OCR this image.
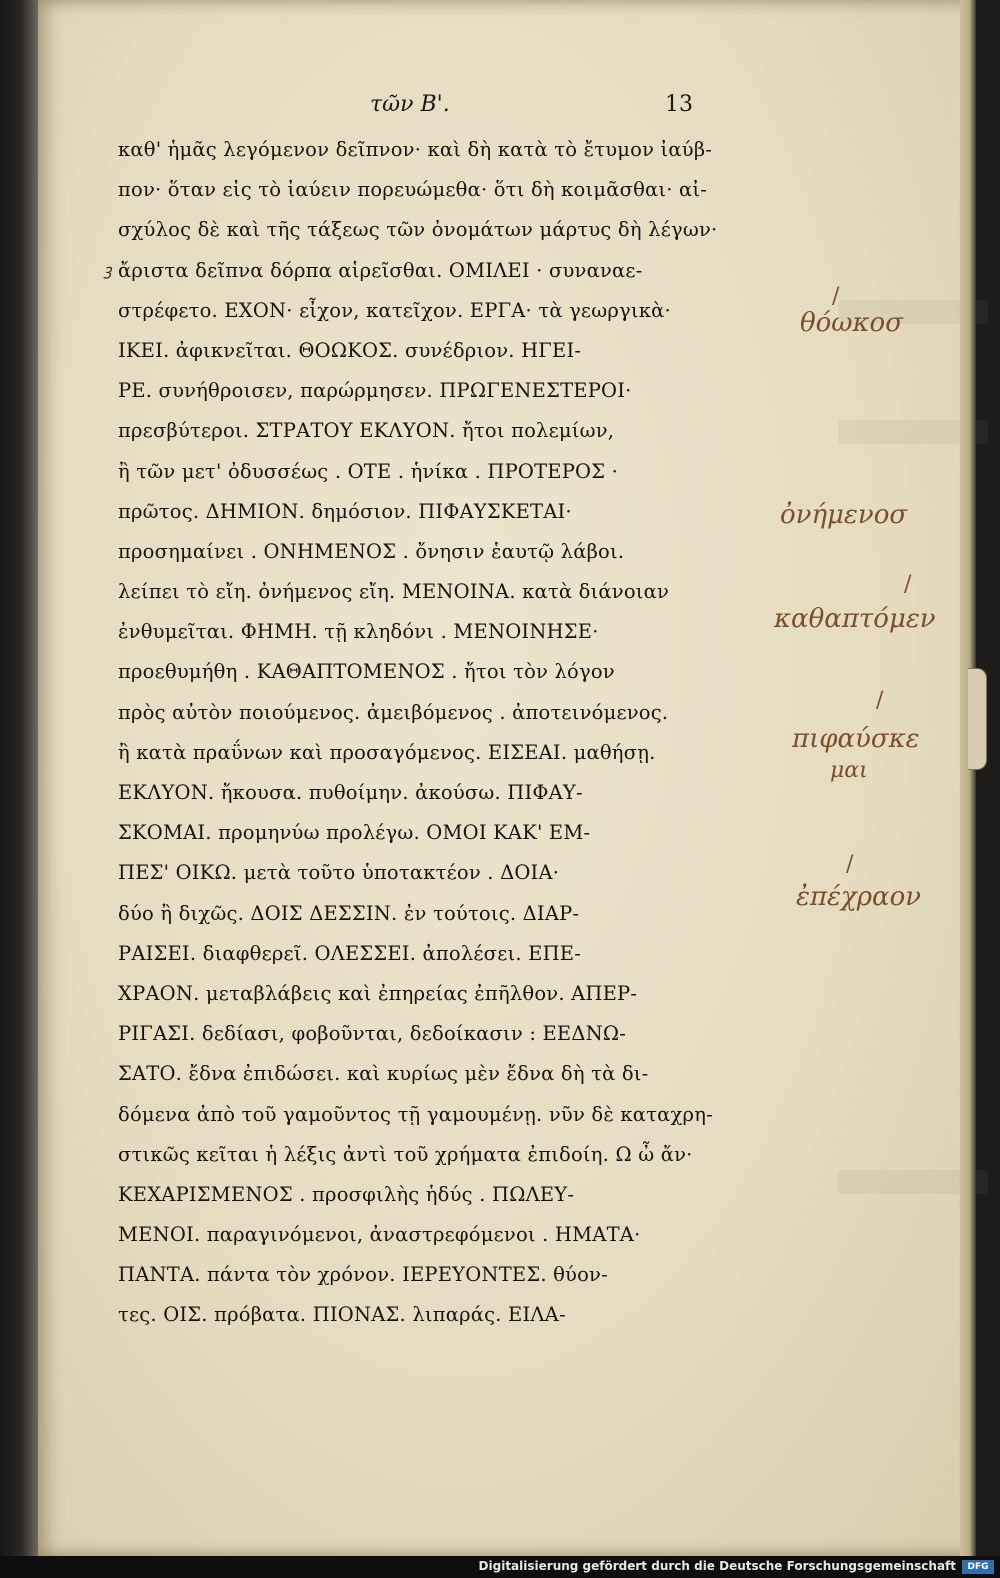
τῶν Β'.	13
ꝫ
καθ' ἡμᾶς λεγόμενον δεῖπνον· καὶ δὴ κατὰ τὸ ἔτυμον ἰαύβ-
πον· ὅταν εἰς τὸ ἰαύειν πορευώμεθα· ὅτι δὴ κοιμᾶσθαι· αἰ-
σχύλος δὲ καὶ τῆς τάξεως τῶν ὀνομάτων μάρτυς δὴ λέγων·
ἄριστα δεῖπνα δόρπα αἱρεῖσθαι. ΟΜΙΛΕΙ · συναναε-
στρέφετο. ΕΧΟΝ· εἶχον, κατεῖχον. ΕΡΓΑ· τὰ γεωργικὰ·
ΙΚΕΙ. ἀφικνεῖται. ΘΟΩΚΟΣ. συνέδριον. ΗΓΕΙ-
ΡΕ. συνήθροισεν, παρώρμησεν. ΠΡΩΓΕΝΕΣΤΕΡΟΙ·
πρεσβύτεροι. ΣΤΡΑΤΟΥ ΕΚΛΥΟΝ. ἤτοι πολεμίων,
ἢ τῶν μετ' ὀδυσσέως . ΟΤΕ . ἡνίκα . ΠΡΟΤΕΡΟΣ ·
πρῶτος. ΔΗΜΙΟΝ. δημόσιον. ΠΙΦΑΥΣΚΕΤΑΙ·
προσημαίνει . ΟΝΗΜΕΝΟΣ . ὄνησιν ἑαυτῷ λάβοι.
λείπει τὸ εἴη. ὀνήμενος εἴη. ΜΕΝΟΙΝΑ. κατὰ διάνοιαν
ἐνθυμεῖται. ΦΗΜΗ. τῇ κληδόνι . ΜΕΝΟΙΝΗΣΕ·
προεθυμήθη . ΚΑΘΑΠΤΟΜΕΝΟΣ . ἤτοι τὸν λόγον
πρὸς αὐτὸν ποιούμενος. ἀμειβόμενος . ἀποτεινόμενος.
ἢ κατὰ πραΰνων καὶ προσαγόμενος. ΕΙΣΕΑΙ. μαθήσῃ.
ΕΚΛΥΟΝ. ἤκουσα. πυθοίμην. ἀκούσω. ΠΙΦΑΥ-
ΣΚΟΜΑΙ. προμηνύω προλέγω. ΟΜΟΙ ΚΑΚ' ΕΜ-
ΠΕΣ' ΟΙΚΩ. μετὰ τοῦτο ὑποτακτέον . ΔΟΙΑ·
δύο ἢ διχῶς. ΔΟΙΣ ΔΕΣΣΙΝ. ἐν τούτοις. ΔΙΑΡ-
ΡΑΙΣΕΙ. διαφθερεῖ. ΟΛΕΣΣΕΙ. ἀπολέσει. ΕΠΕ-
ΧΡΑΟΝ. μεταβλάβεις καὶ ἐπηρείας ἐπῆλθον. ΑΠΕΡ-
ΡΙΓΑΣΙ. δεδίασι, φοβοῦνται, δεδοίκασιν : ΕΕΔΝΩ-
ΣΑΤΟ. ἔδνα ἐπιδώσει. καὶ κυρίως μὲν ἔδνα δὴ τὰ δι-
δόμενα ἀπὸ τοῦ γαμοῦντος τῇ γαμουμένῃ. νῦν δὲ καταχρη-
στικῶς κεῖται ἡ λέξις ἀντὶ τοῦ χρήματα ἐπιδοίη. Ω ὦ ἄν·
ΚΕΧΑΡΙΣΜΕΝΟΣ . προσφιλὴς ἡδύς . ΠΩΛΕΥ-
ΜΕΝΟΙ. παραγινόμενοι, ἀναστρεφόμενοι . ΗΜΑΤΑ·
ΠΑΝΤΑ. πάντα τὸν χρόνον. ΙΕΡΕΥΟΝΤΕΣ. θύον-
τες. ΟΙΣ. πρόβατα. ΠΙΟΝΑΣ. λιπαράς. ΕΙΛΑ-
/
θόωκοσ
ὀνήμενοσ
/
καθαπτόμεν
/
πιφαύσκε
μαι
/
ἐπέχραον
Digitalisierung gefördert durch die Deutsche Forschungsgemeinschaft	DFG
